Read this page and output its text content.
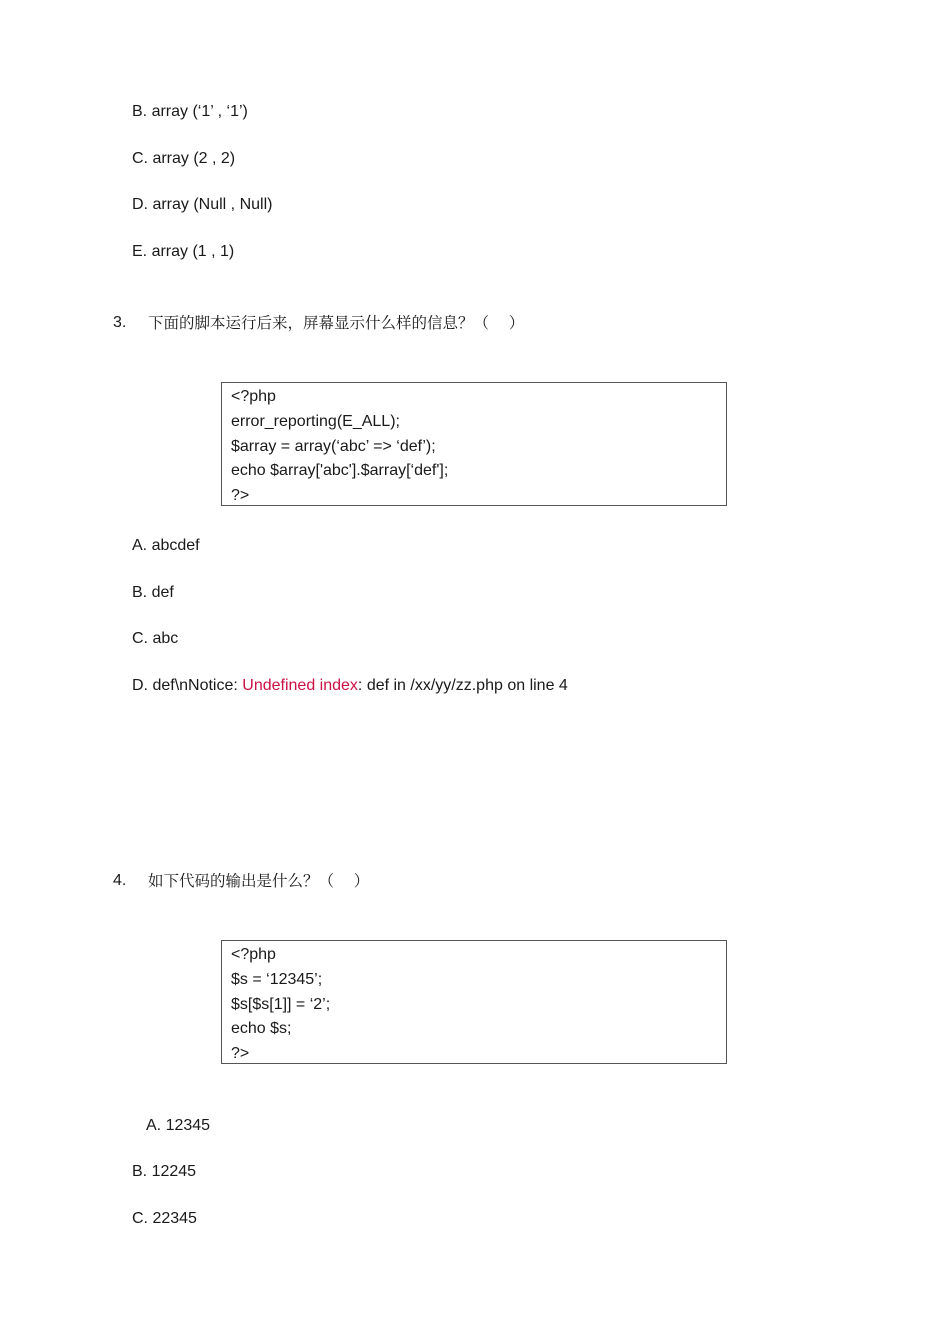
B. array (‘1’ , ‘1’)
C. array (2 , 2)
D. array (Null , Null)
E. array (1 , 1)
3. 下面的脚本运行后来，屏幕显示什么样的信息？（    ）
<?php
error_reporting(E_ALL);
$array = array(‘abc’ => ‘def’);
echo $array['abc'].$array[‘def'];
?>
A. abcdef
B. def
C. abc
D. def\nNotice: Undefined index: def in /xx/yy/zz.php on line 4
4. 如下代码的输出是什么？（    ）
<?php
$s = ‘12345’;
$s[$s[1]] = ‘2’;
echo $s;
?>
A. 12345
B. 12245
C. 22345
